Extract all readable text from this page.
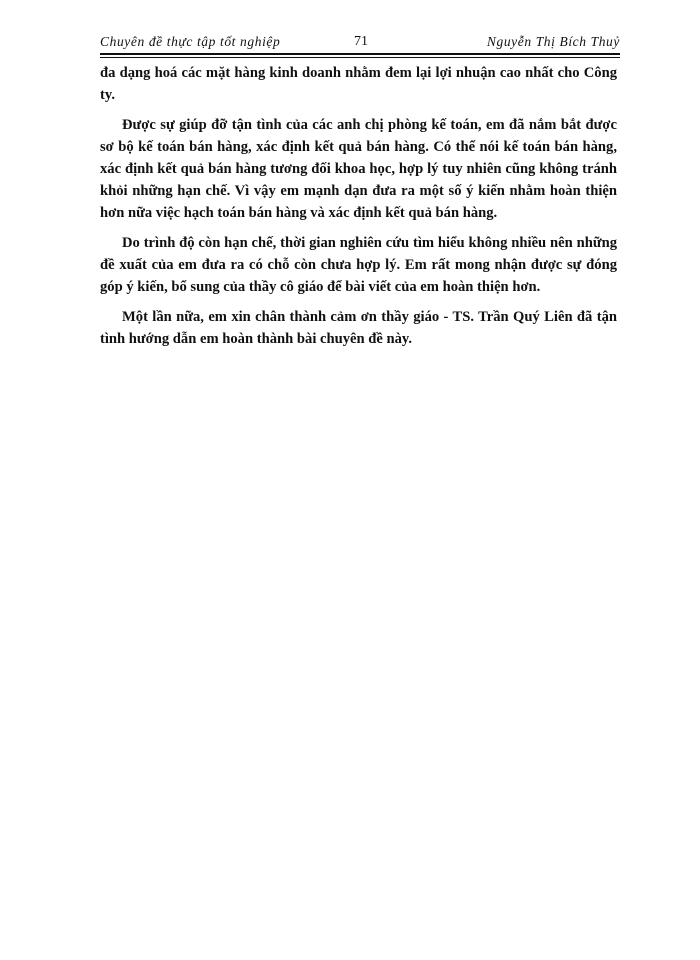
Chuyên đề thực tập tốt nghiệp	71	Nguyễn Thị Bích Thuỷ

đa dạng hoá các mặt hàng kinh doanh nhằm đem lại lợi nhuận cao nhất cho Công ty.

Được sự giúp đỡ tận tình của các anh chị phòng kế toán, em đã nắm bắt được sơ bộ kế toán bán hàng, xác định kết quả bán hàng. Có thể nói kế toán bán hàng, xác định kết quả bán hàng tương đối khoa học, hợp lý tuy nhiên cũng không tránh khỏi những hạn chế. Vì vậy em mạnh dạn đưa ra một số ý kiến nhằm hoàn thiện hơn nữa việc hạch toán bán hàng và xác định kết quả bán hàng.

Do trình độ còn hạn chế, thời gian nghiên cứu tìm hiểu không nhiều nên những đề xuất của em đưa ra có chỗ còn chưa hợp lý. Em rất mong nhận được sự đóng góp ý kiến, bổ sung của thầy cô giáo để bài viết của em hoàn thiện hơn.

Một lần nữa, em xin chân thành cảm ơn thầy giáo - TS. Trần Quý Liên đã tận tình hướng dẫn em hoàn thành bài chuyên đề này.
